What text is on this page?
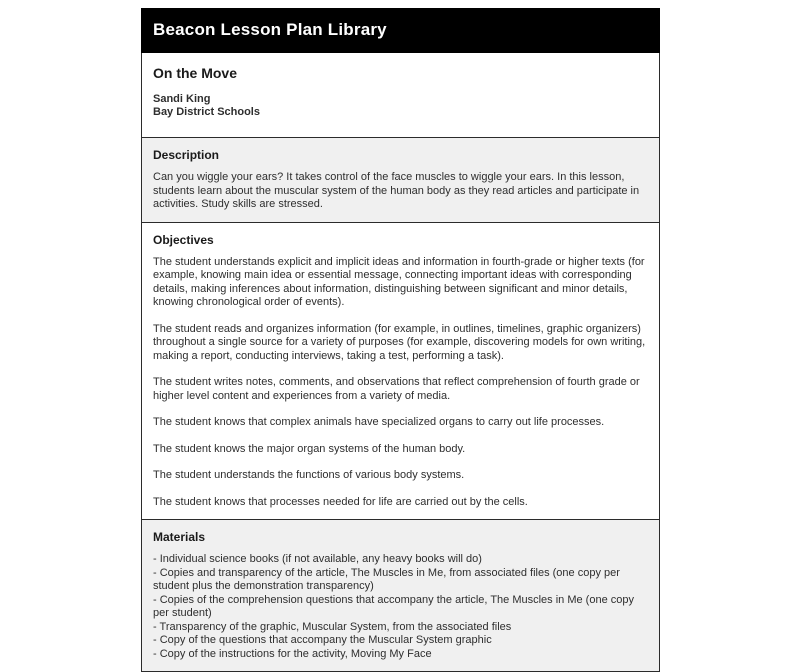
Beacon Lesson Plan Library
On the Move
Sandi King
Bay District Schools
Description

Can you wiggle your ears? It takes control of the face muscles to wiggle your ears. In this lesson, students learn about the muscular system of the human body as they read articles and participate in activities. Study skills are stressed.

Objectives

The student understands explicit and implicit ideas and information in fourth-grade or higher texts (for example, knowing main idea or essential message, connecting important ideas with corresponding details, making inferences about information, distinguishing between significant and minor details, knowing chronological order of events).

The student reads and organizes information (for example, in outlines, timelines, graphic organizers) throughout a single source for a variety of purposes (for example, discovering models for own writing, making a report, conducting interviews, taking a test, performing a task).

The student writes notes, comments, and observations that reflect comprehension of fourth grade or higher level content and experiences from a variety of media.

The student knows that complex animals have specialized organs to carry out life processes.

The student knows the major organ systems of the human body.

The student understands the functions of various body systems.

The student knows that processes needed for life are carried out by the cells.

Materials
- Individual science books (if not available, any heavy books will do)
- Copies and transparency of the article, The Muscles in Me, from associated files (one copy per student plus the demonstration transparency)
- Copies of the comprehension questions that accompany the article, The Muscles in Me (one copy per student)
- Transparency of the graphic, Muscular System, from the associated files
- Copy of the questions that accompany the Muscular System graphic
- Copy of the instructions for the activity, Moving My Face
